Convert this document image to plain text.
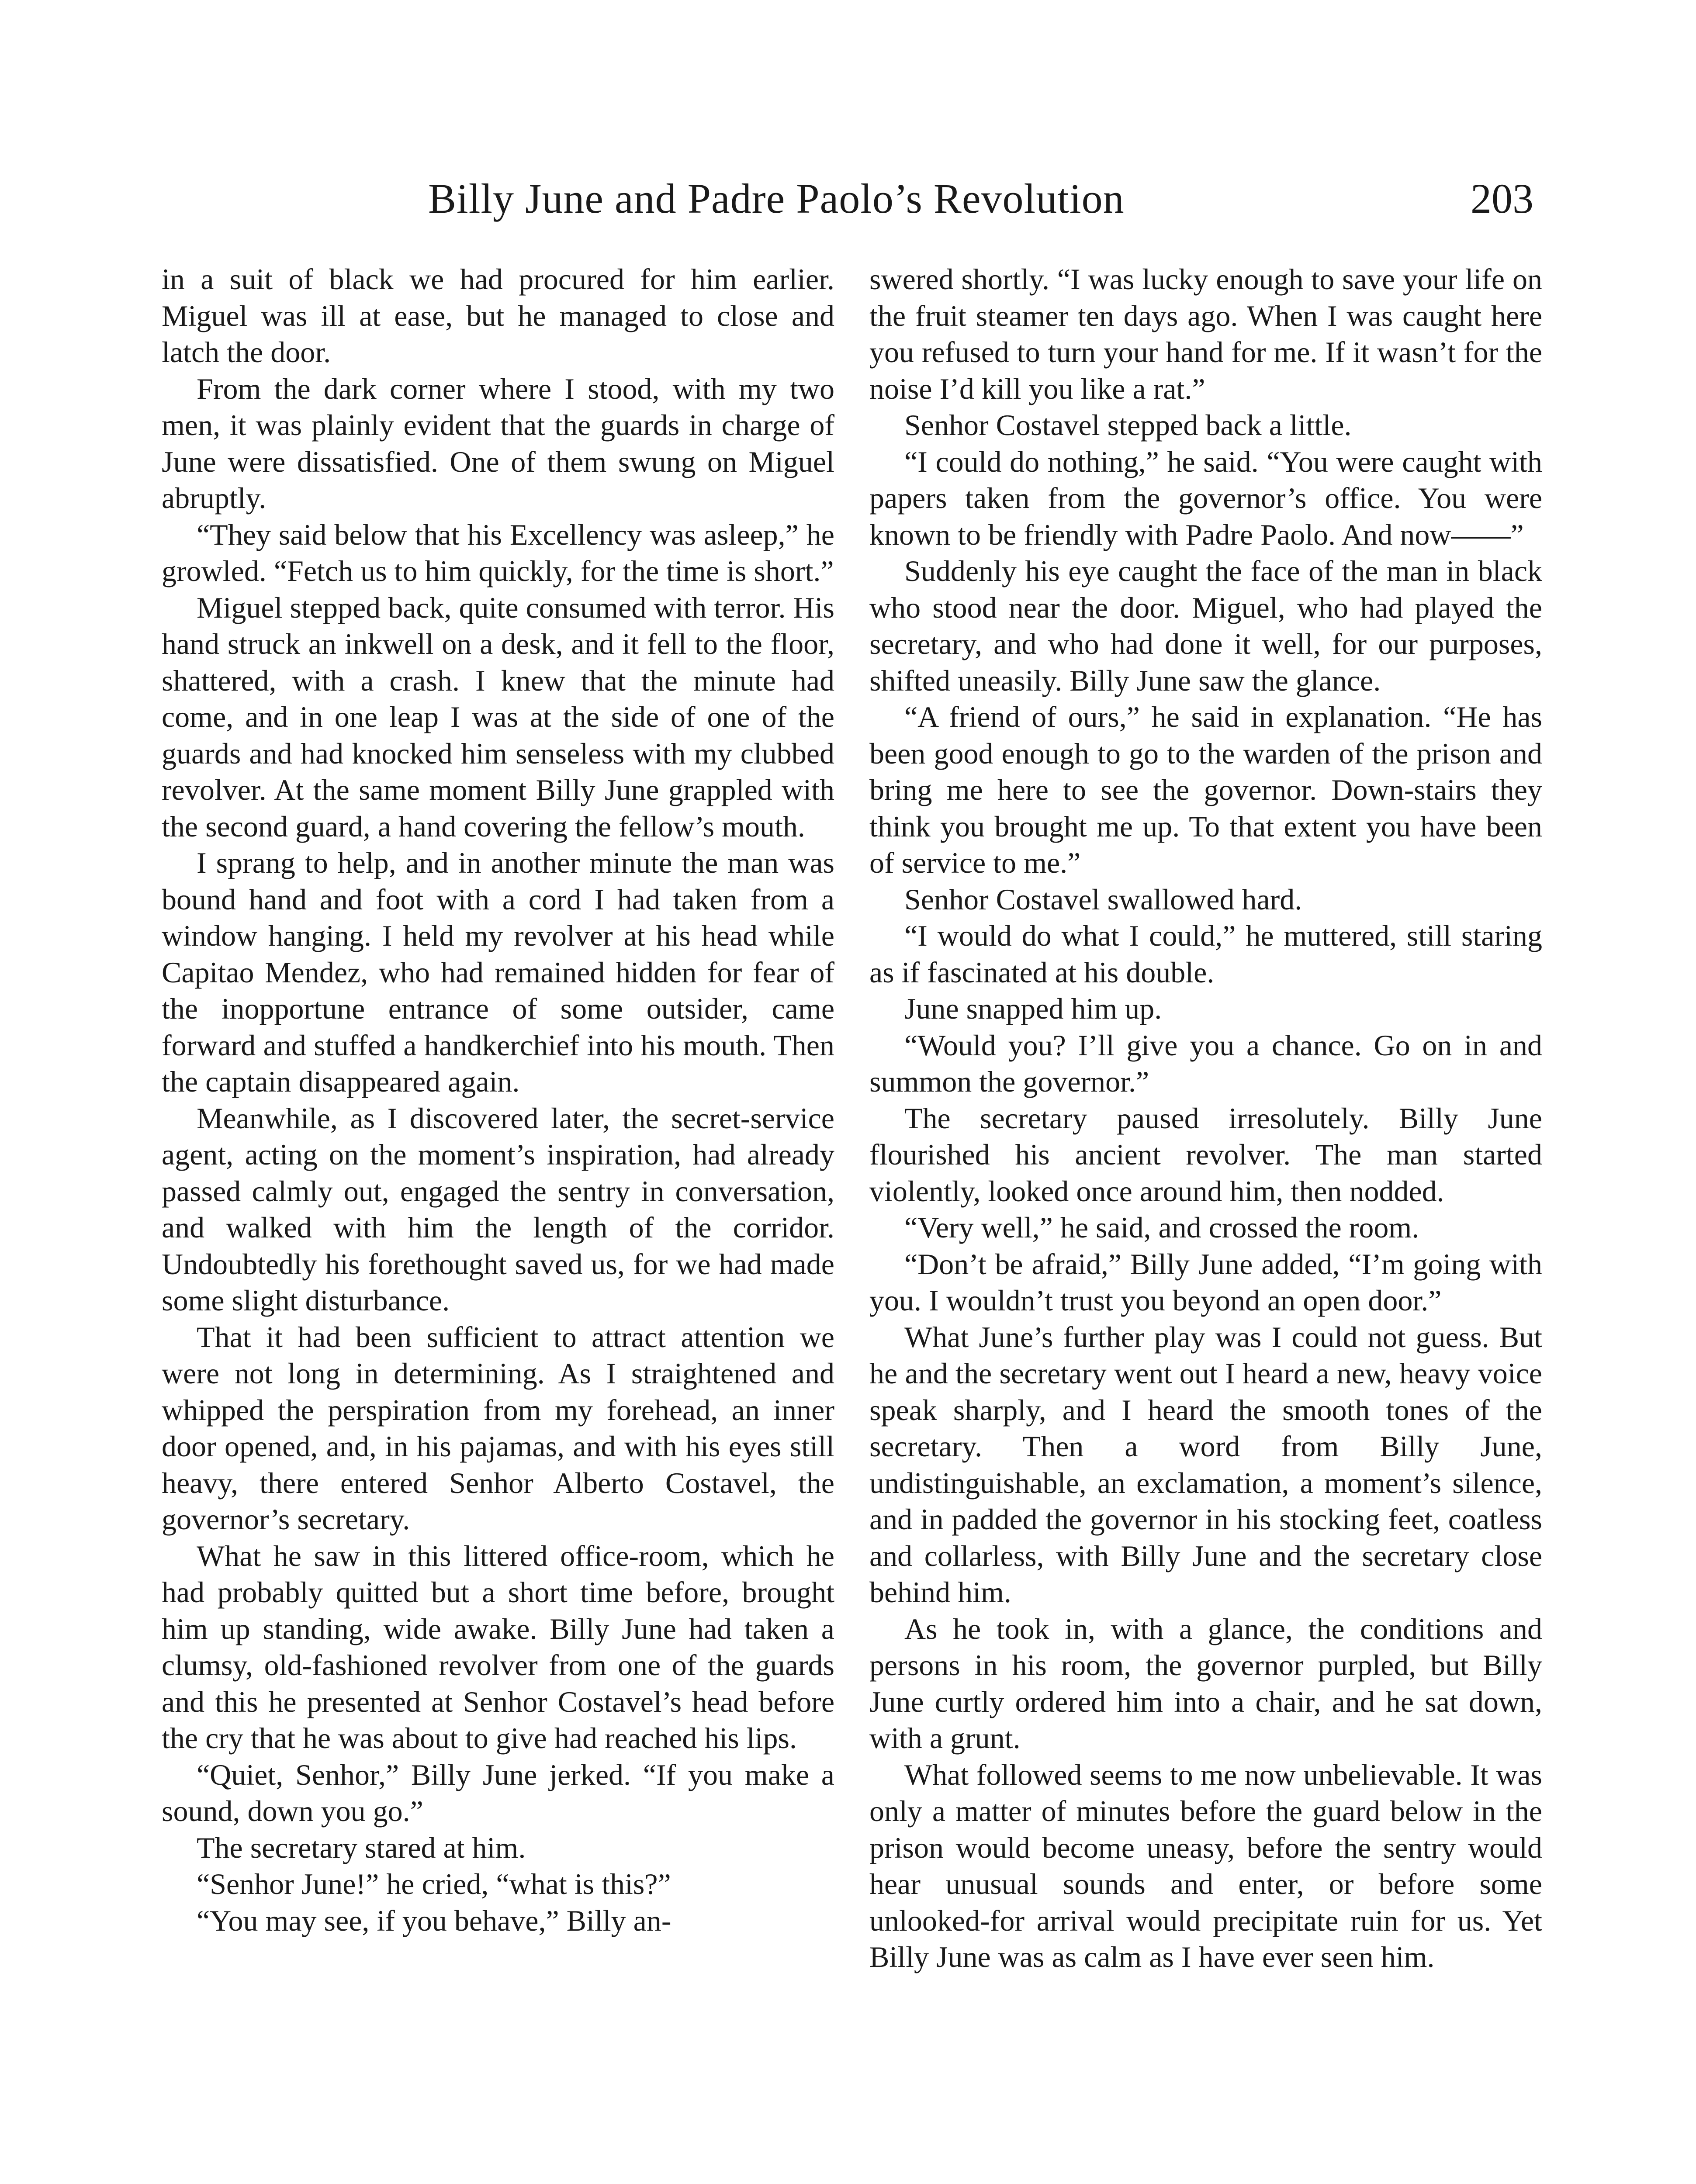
Billy June and Padre Paolo’s Revolution	203

in a suit of black we had procured for him earlier. Miguel was ill at ease, but he managed to close and latch the door.

From the dark corner where I stood, with my two men, it was plainly evident that the guards in charge of June were dissatisfied. One of them swung on Miguel abruptly.

“They said below that his Excellency was asleep,” he growled. “Fetch us to him quickly, for the time is short.”

Miguel stepped back, quite consumed with terror. His hand struck an inkwell on a desk, and it fell to the floor, shattered, with a crash. I knew that the minute had come, and in one leap I was at the side of one of the guards and had knocked him senseless with my clubbed revolver. At the same moment Billy June grappled with the second guard, a hand covering the fellow’s mouth.

I sprang to help, and in another minute the man was bound hand and foot with a cord I had taken from a window hanging. I held my revolver at his head while Capitao Mendez, who had remained hidden for fear of the inopportune entrance of some outsider, came forward and stuffed a handkerchief into his mouth. Then the captain disappeared again.

Meanwhile, as I discovered later, the secret-service agent, acting on the moment’s inspiration, had already passed calmly out, engaged the sentry in conversation, and walked with him the length of the corridor. Undoubtedly his forethought saved us, for we had made some slight disturbance.

That it had been sufficient to attract attention we were not long in determining. As I straightened and whipped the perspiration from my forehead, an inner door opened, and, in his pajamas, and with his eyes still heavy, there entered Senhor Alberto Costavel, the governor’s secretary.

What he saw in this littered office-room, which he had probably quitted but a short time before, brought him up standing, wide awake. Billy June had taken a clumsy, old-fashioned revolver from one of the guards and this he presented at Senhor Costavel’s head before the cry that he was about to give had reached his lips.

“Quiet, Senhor,” Billy June jerked. “If you make a sound, down you go.”

The secretary stared at him.

“Senhor June!” he cried, “what is this?”

“You may see, if you behave,” Billy an-

swered shortly. “I was lucky enough to save your life on the fruit steamer ten days ago. When I was caught here you refused to turn your hand for me. If it wasn’t for the noise I’d kill you like a rat.”

Senhor Costavel stepped back a little.

“I could do nothing,” he said. “You were caught with papers taken from the governor’s office. You were known to be friendly with Padre Paolo. And now——”

Suddenly his eye caught the face of the man in black who stood near the door. Miguel, who had played the secretary, and who had done it well, for our purposes, shifted uneasily. Billy June saw the glance.

“A friend of ours,” he said in explanation. “He has been good enough to go to the warden of the prison and bring me here to see the governor. Down-stairs they think you brought me up. To that extent you have been of service to me.”

Senhor Costavel swallowed hard.

“I would do what I could,” he muttered, still staring as if fascinated at his double.

June snapped him up.

“Would you? I’ll give you a chance. Go on in and summon the governor.”

The secretary paused irresolutely. Billy June flourished his ancient revolver. The man started violently, looked once around him, then nodded.

“Very well,” he said, and crossed the room.

“Don’t be afraid,” Billy June added, “I’m going with you. I wouldn’t trust you beyond an open door.”

What June’s further play was I could not guess. But he and the secretary went out I heard a new, heavy voice speak sharply, and I heard the smooth tones of the secretary. Then a word from Billy June, undistinguishable, an exclamation, a moment’s silence, and in padded the governor in his stocking feet, coatless and collarless, with Billy June and the secretary close behind him.

As he took in, with a glance, the conditions and persons in his room, the governor purpled, but Billy June curtly ordered him into a chair, and he sat down, with a grunt.

What followed seems to me now unbelievable. It was only a matter of minutes before the guard below in the prison would become uneasy, before the sentry would hear unusual sounds and enter, or before some unlooked-for arrival would precipitate ruin for us. Yet Billy June was as calm as I have ever seen him.
